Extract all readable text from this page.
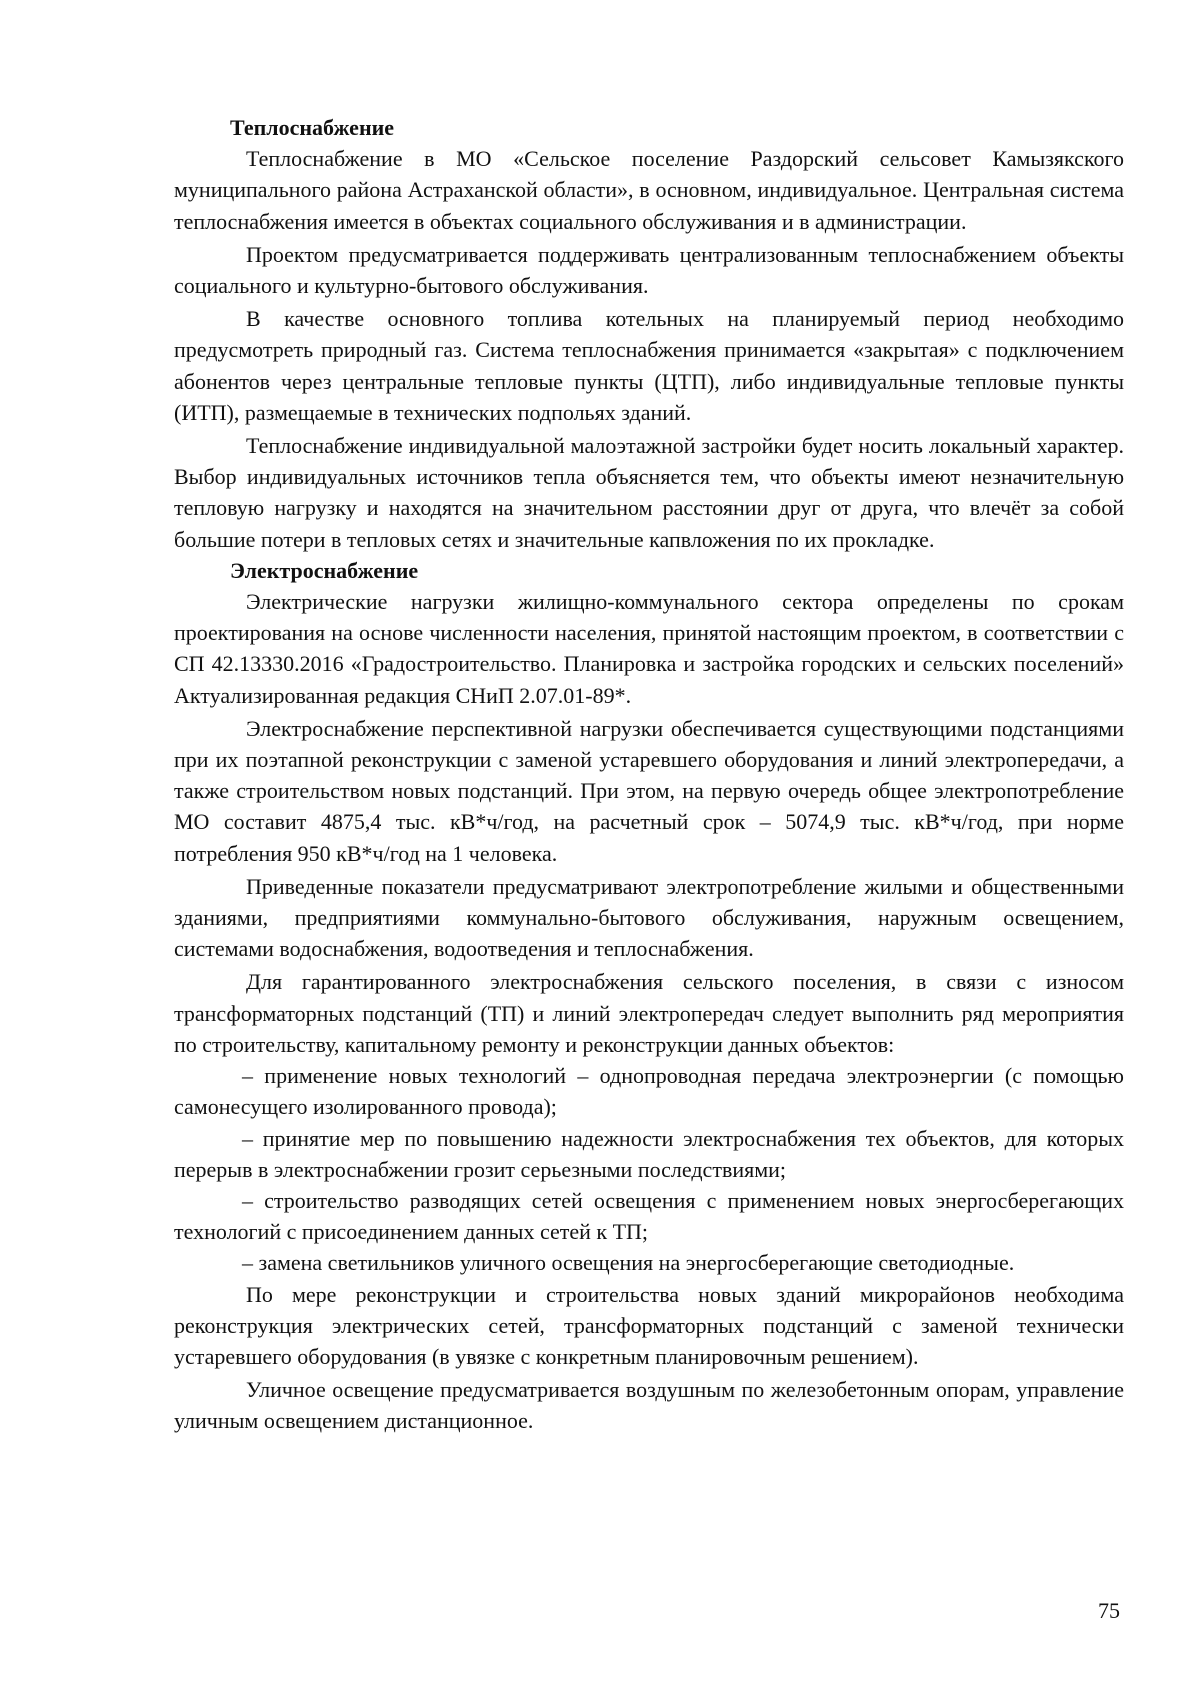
Теплоснабжение

Теплоснабжение в МО «Сельское поселение Раздорский сельсовет Камызякского муниципального района Астраханской области», в основном, индивидуальное. Центральная система теплоснабжения имеется в объектах социального обслуживания и в администрации.

Проектом предусматривается поддерживать централизованным теплоснабжением объекты социального и культурно-бытового обслуживания.

В качестве основного топлива котельных на планируемый период необходимо предусмотреть природный газ. Система теплоснабжения принимается «закрытая» с подключением абонентов через центральные тепловые пункты (ЦТП), либо индивидуальные тепловые пункты (ИТП), размещаемые в технических подпольях зданий.

Теплоснабжение индивидуальной малоэтажной застройки будет носить локальный характер. Выбор индивидуальных источников тепла объясняется тем, что объекты имеют незначительную тепловую нагрузку и находятся на значительном расстоянии друг от друга, что влечёт за собой большие потери в тепловых сетях и значительные капвложения по их прокладке.

Электроснабжение

Электрические нагрузки жилищно-коммунального сектора определены по срокам проектирования на основе численности населения, принятой настоящим проектом, в соответствии с СП 42.13330.2016 «Градостроительство. Планировка и застройка городских и сельских поселений» Актуализированная редакция СНиП 2.07.01-89*.

Электроснабжение перспективной нагрузки обеспечивается существующими подстанциями при их поэтапной реконструкции с заменой устаревшего оборудования и линий электропередачи, а также строительством новых подстанций. При этом, на первую очередь общее электропотребление МО составит 4875,4 тыс. кВ*ч/год, на расчетный срок – 5074,9 тыс. кВ*ч/год, при норме потребления 950 кВ*ч/год на 1 человека.

Приведенные показатели предусматривают электропотребление жилыми и общественными зданиями, предприятиями коммунально-бытового обслуживания, наружным освещением, системами водоснабжения, водоотведения и теплоснабжения.

Для гарантированного электроснабжения сельского поселения, в связи с износом трансформаторных подстанций (ТП) и линий электропередач следует выполнить ряд мероприятия по строительству, капитальному ремонту и реконструкции данных объектов:

– применение новых технологий – однопроводная передача электроэнергии (с помощью самонесущего изолированного провода);

– принятие мер по повышению надежности электроснабжения тех объектов, для которых перерыв в электроснабжении грозит серьезными последствиями;

– строительство разводящих сетей освещения с применением новых энергосберегающих технологий с присоединением данных сетей к ТП;

– замена светильников уличного освещения на энергосберегающие светодиодные.

По мере реконструкции и строительства новых зданий микрорайонов необходима реконструкция электрических сетей, трансформаторных подстанций с заменой технически устаревшего оборудования (в увязке с конкретным планировочным решением).

Уличное освещение предусматривается воздушным по железобетонным опорам, управление уличным освещением дистанционное.

75
